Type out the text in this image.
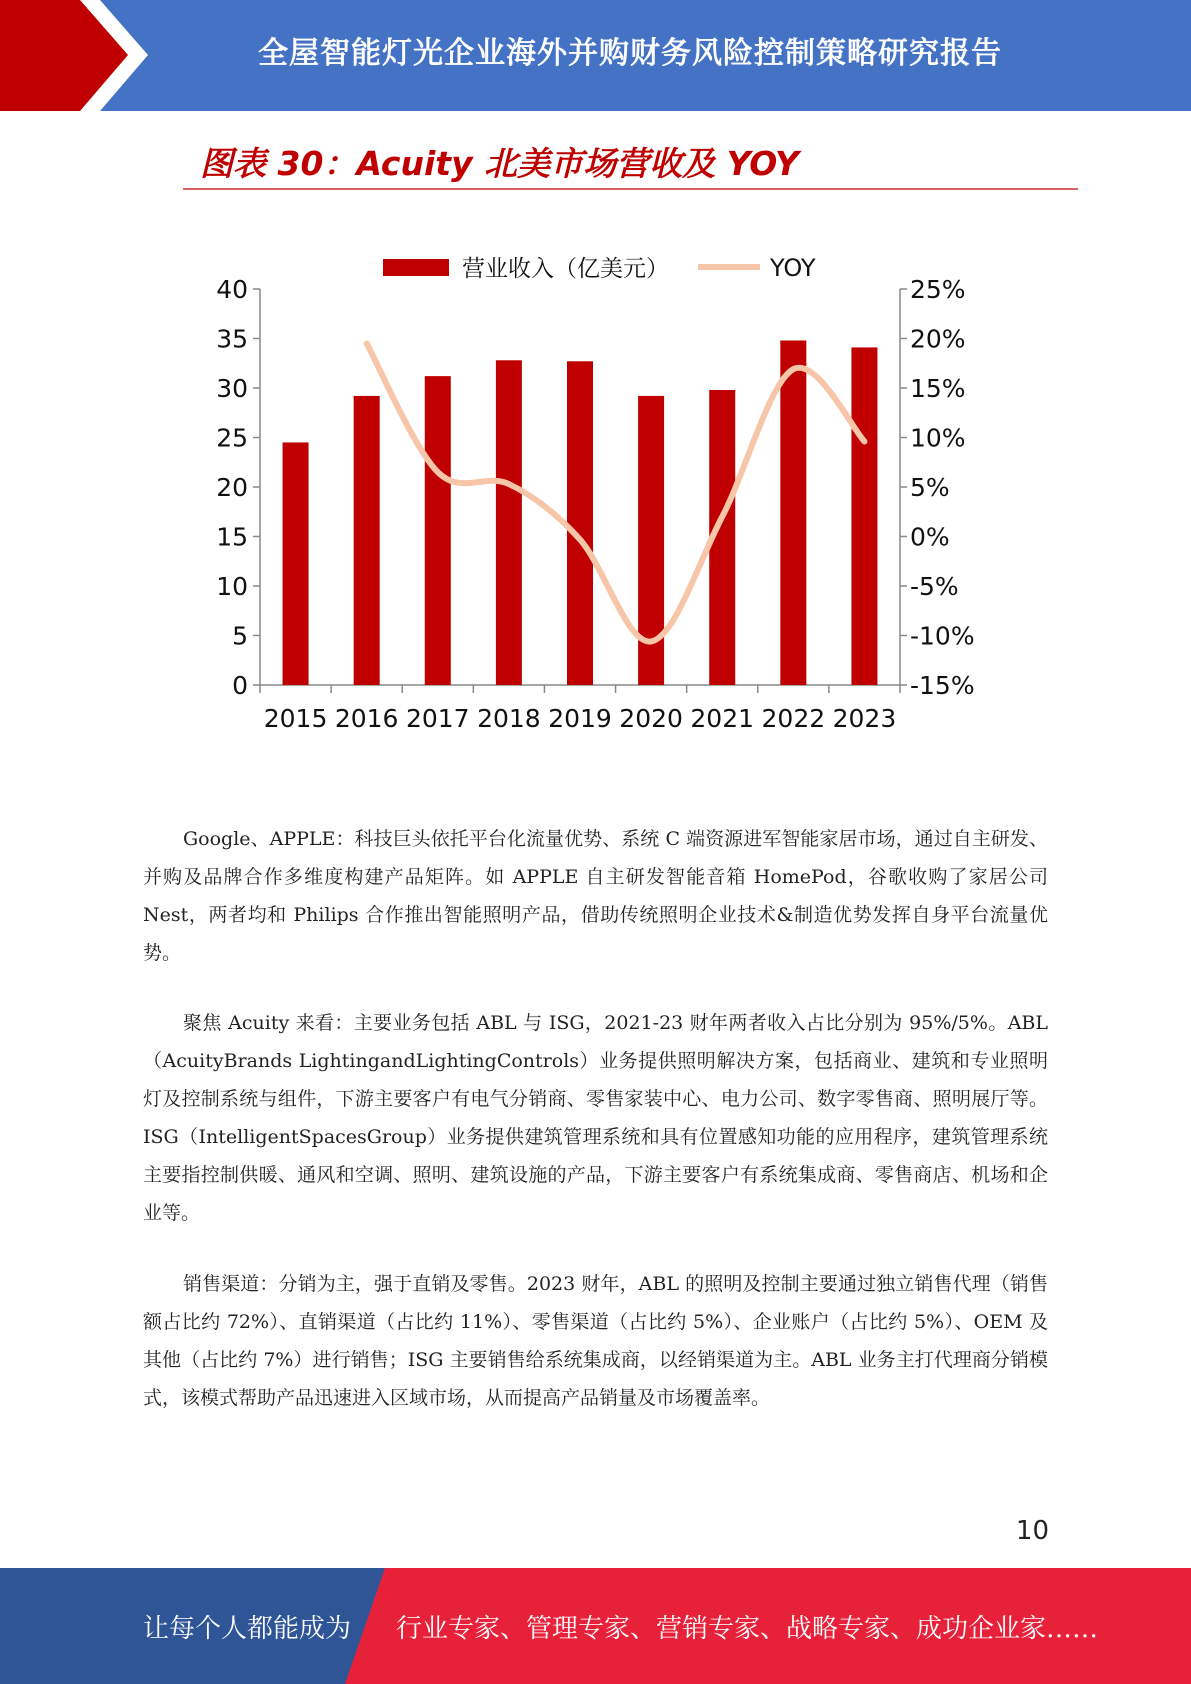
全屋智能灯光企业海外并购财务风险控制策略研究报告
图表 30：Acuity 北美市场营收及 YOY
营业收入（亿美元）	YOY
0
5
10
15
20
25
30
35
40
-15%
-10%
-5%
0%
5%
10%
15%
20%
25%
2015 2016 2017 2018 2019 2020 2021 2022 2023
Google、APPLE：科技巨头依托平台化流量优势、系统 C 端资源进军智能家居市场，通过自主研发、并购及品牌合作多维度构建产品矩阵。如 APPLE 自主研发智能音箱 HomePod，谷歌收购了家居公司 Nest，两者均和 Philips 合作推出智能照明产品，借助传统照明企业技术&制造优势发挥自身平台流量优势。
聚焦 Acuity 来看：主要业务包括 ABL 与 ISG，2021-23 财年两者收入占比分别为 95%/5%。ABL（AcuityBrands LightingandLightingControls）业务提供照明解决方案，包括商业、建筑和专业照明灯及控制系统与组件，下游主要客户有电气分销商、零售家装中心、电力公司、数字零售商、照明展厅等。ISG（IntelligentSpacesGroup）业务提供建筑管理系统和具有位置感知功能的应用程序，建筑管理系统主要指控制供暖、通风和空调、照明、建筑设施的产品，下游主要客户有系统集成商、零售商店、机场和企业等。
销售渠道：分销为主，强于直销及零售。2023 财年，ABL 的照明及控制主要通过独立销售代理（销售额占比约 72%）、直销渠道（占比约 11%）、零售渠道（占比约 5%）、企业账户（占比约 5%）、OEM 及其他（占比约 7%）进行销售；ISG 主要销售给系统集成商，以经销渠道为主。ABL 业务主打代理商分销模式，该模式帮助产品迅速进入区域市场，从而提高产品销量及市场覆盖率。
10
让每个人都能成为 行业专家、管理专家、营销专家、战略专家、成功企业家……
